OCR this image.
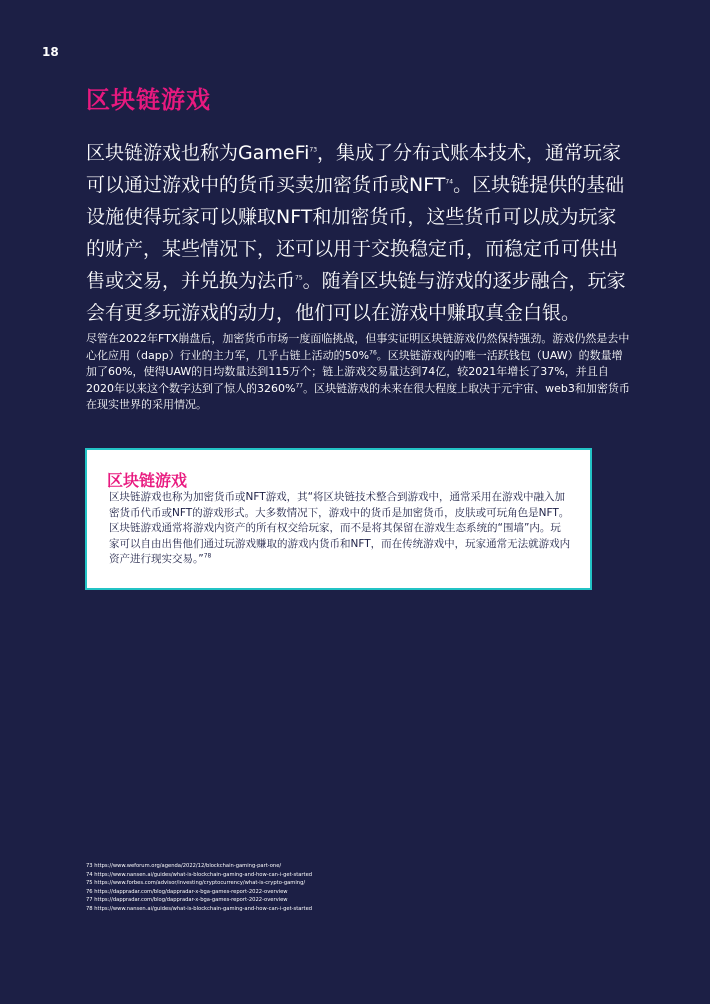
18
区块链游戏

区块链游戏也称为GameFi$^{73}$，集成了分布式账本技术，通常玩家可以通过游戏中的货币买卖加密货币或NFT$^{74}$。区块链提供的基础设施使得玩家可以赚取NFT和加密货币，这些货币可以成为玩家的财产，某些情况下，还可以用于交换稳定币，而稳定币可供出售或交易，并兑换为法币$^{75}$。随着区块链与游戏的逐步融合，玩家会有更多玩游戏的动力，他们可以在游戏中赚取真金白银。

尽管在2022年FTX崩盘后，加密货币市场一度面临挑战，但事实证明区块链游戏仍然保持强劲。游戏仍然是去中心化应用（dapp）行业的主力军，几乎占链上活动的50%$^{76}$。区块链游戏内的唯一活跃钱包（UAW）的数量增加了60%，使得UAW的日均数量达到115万个；链上游戏交易量达到74亿，较2021年增长了37%，并且自2020年以来这个数字达到了惊人的3260%$^{77}$。区块链游戏的未来在很大程度上取决于元宇宙、web3和加密货币在现实世界的采用情况。

区块链游戏

区块链游戏也称为加密货币或NFT游戏，其“将区块链技术整合到游戏中，通常采用在游戏中融入加密货币代币或NFT的游戏形式。大多数情况下，游戏中的货币是加密货币，皮肤或可玩角色是NFT。区块链游戏通常将游戏内资产的所有权交给玩家，而不是将其保留在游戏生态系统的“围墙”内。玩家可以自由出售他们通过玩游戏赚取的游戏内货币和NFT，而在传统游戏中，玩家通常无法就游戏内资产进行现实交易。”$^{78}$

73 https://www.weforum.org/agenda/2022/12/blockchain-gaming-part-one/
74 https://www.nansen.ai/guides/what-is-blockchain-gaming-and-how-can-i-get-started
75 https://www.forbes.com/advisor/investing/cryptocurrency/what-is-crypto-gaming/
76 https://dappradar.com/blog/dappradar-x-bga-games-report-2022-overview
77 https://dappradar.com/blog/dappradar-x-bga-games-report-2022-overview
78 https://www.nansen.ai/guides/what-is-blockchain-gaming-and-how-can-i-get-started
